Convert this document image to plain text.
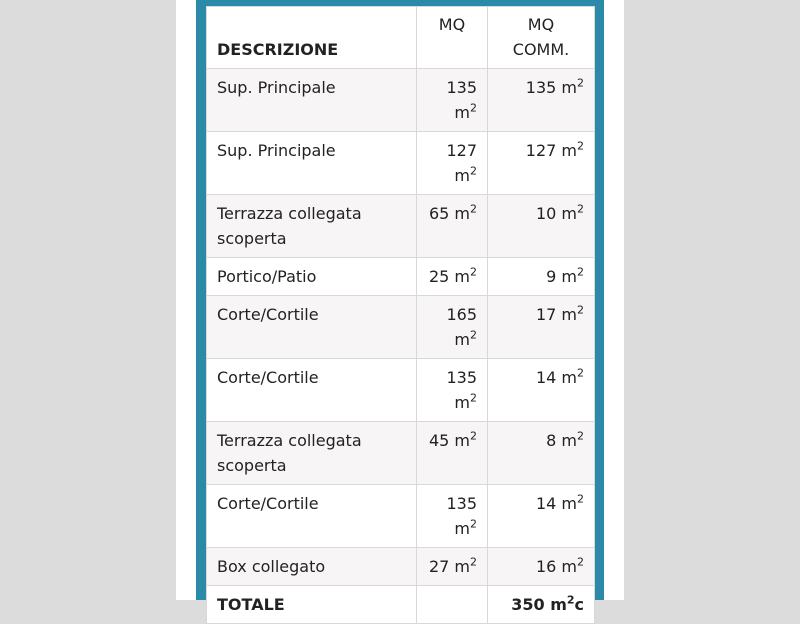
DESCRIZIONE	MQ	MQ COMM.
Sup. Principale	135 $m^2$	135 $m^2$
Sup. Principale	127 $m^2$	127 $m^2$
Terrazza collegata scoperta	65 $m^2$	10 $m^2$
Portico/Patio	25 $m^2$	9 $m^2$
Corte/Cortile	165 $m^2$	17 $m^2$
Corte/Cortile	135 $m^2$	14 $m^2$
Terrazza collegata scoperta	45 $m^2$	8 $m^2$
Corte/Cortile	135 $m^2$	14 $m^2$
Box collegato	27 $m^2$	16 $m^2$
TOTALE		350 $m^2c$
